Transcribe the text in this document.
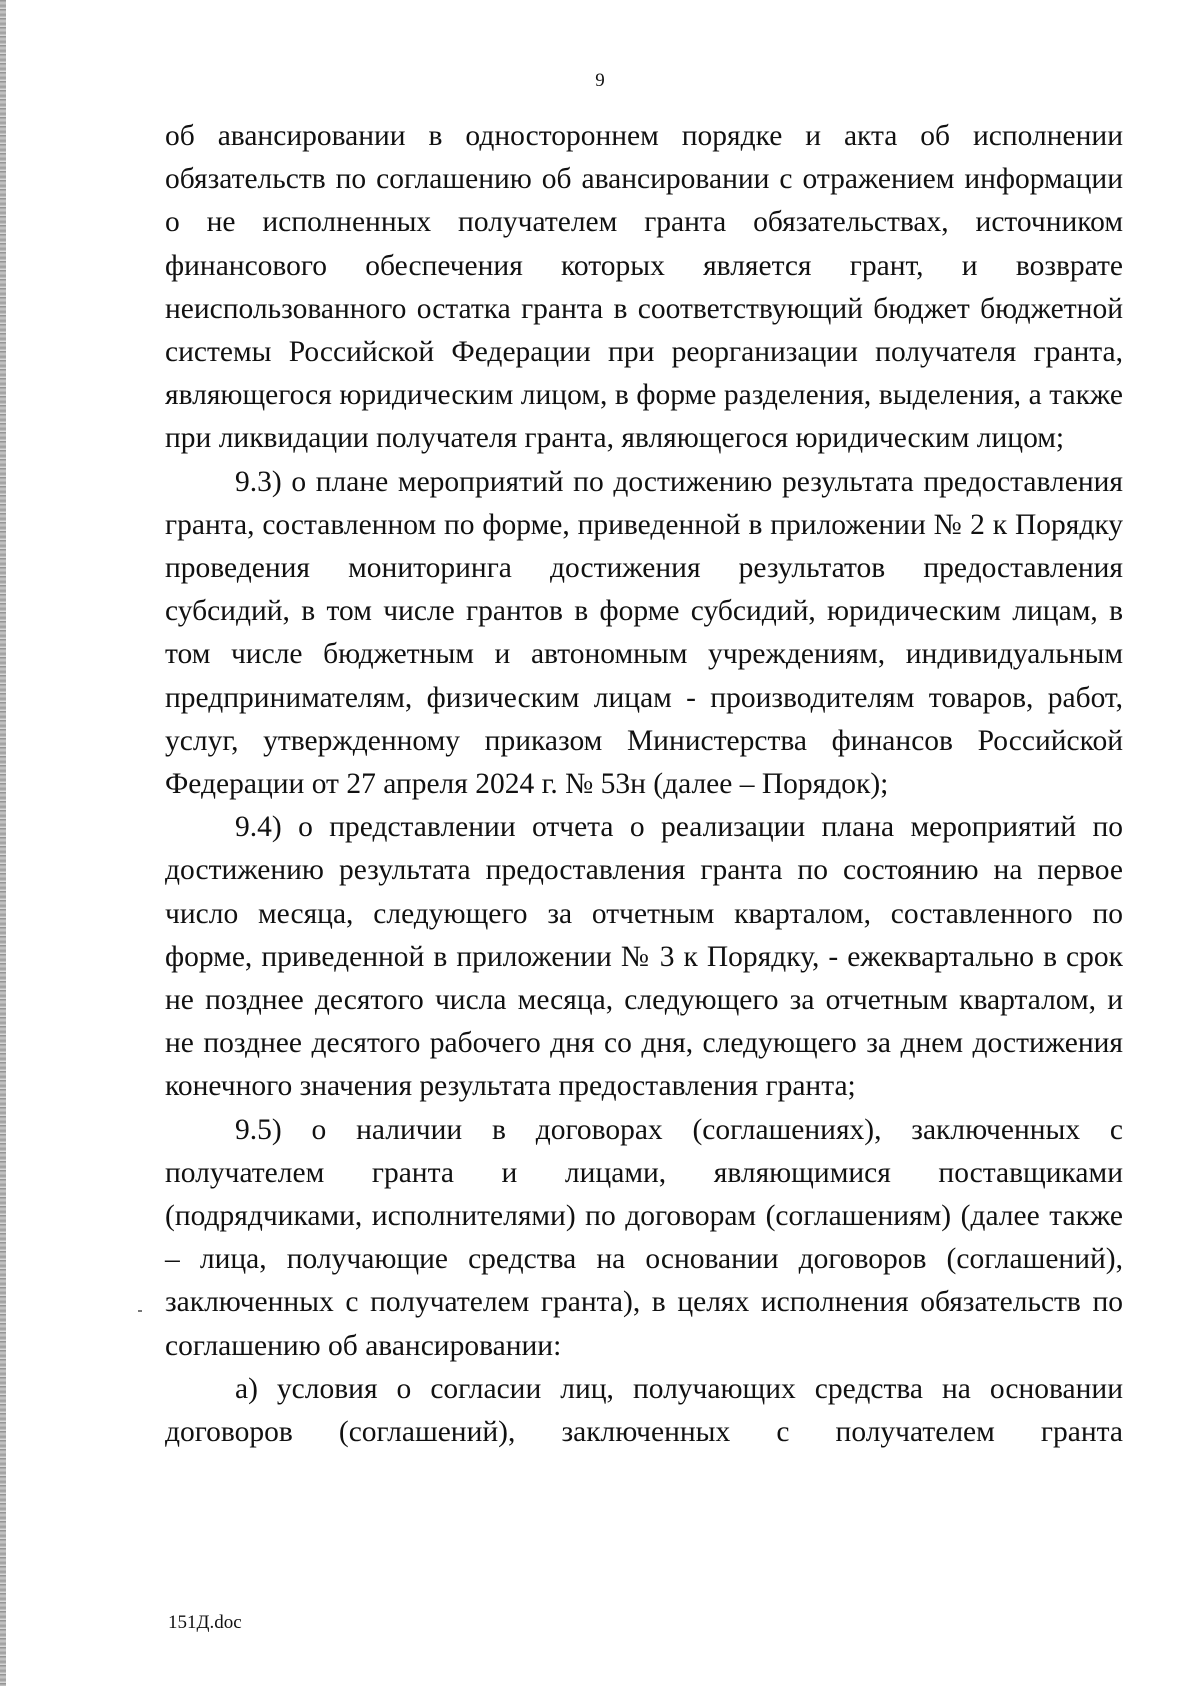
9

об авансировании в одностороннем порядке и акта об исполнении обязательств по соглашению об авансировании с отражением информации о не исполненных получателем гранта обязательствах, источником финансового обеспечения которых является грант, и возврате неиспользованного остатка гранта в соответствующий бюджет бюджетной системы Российской Федерации при реорганизации получателя гранта, являющегося юридическим лицом, в форме разделения, выделения, а также при ликвидации получателя гранта, являющегося юридическим лицом;

9.3) о плане мероприятий по достижению результата предоставления гранта, составленном по форме, приведенной в приложении № 2 к Порядку проведения мониторинга достижения результатов предоставления субсидий, в том числе грантов в форме субсидий, юридическим лицам, в том числе бюджетным и автономным учреждениям, индивидуальным предпринимателям, физическим лицам - производителям товаров, работ, услуг, утвержденному приказом Министерства финансов Российской Федерации от 27 апреля 2024 г. № 53н (далее – Порядок);

9.4) о представлении отчета о реализации плана мероприятий по достижению результата предоставления гранта по состоянию на первое число месяца, следующего за отчетным кварталом, составленного по форме, приведенной в приложении № 3 к Порядку, - ежеквартально в срок не позднее десятого числа месяца, следующего за отчетным кварталом, и не позднее десятого рабочего дня со дня, следующего за днем достижения конечного значения результата предоставления гранта;

9.5) о наличии в договорах (соглашениях), заключенных с получателем гранта и лицами, являющимися поставщиками (подрядчиками, исполнителями) по договорам (соглашениям) (далее также – лица, получающие средства на основании договоров (соглашений), заключенных с получателем гранта), в целях исполнения обязательств по соглашению об авансировании:

а) условия о согласии лиц, получающих средства на основании договоров (соглашений), заключенных с получателем гранта

151Д.doc
